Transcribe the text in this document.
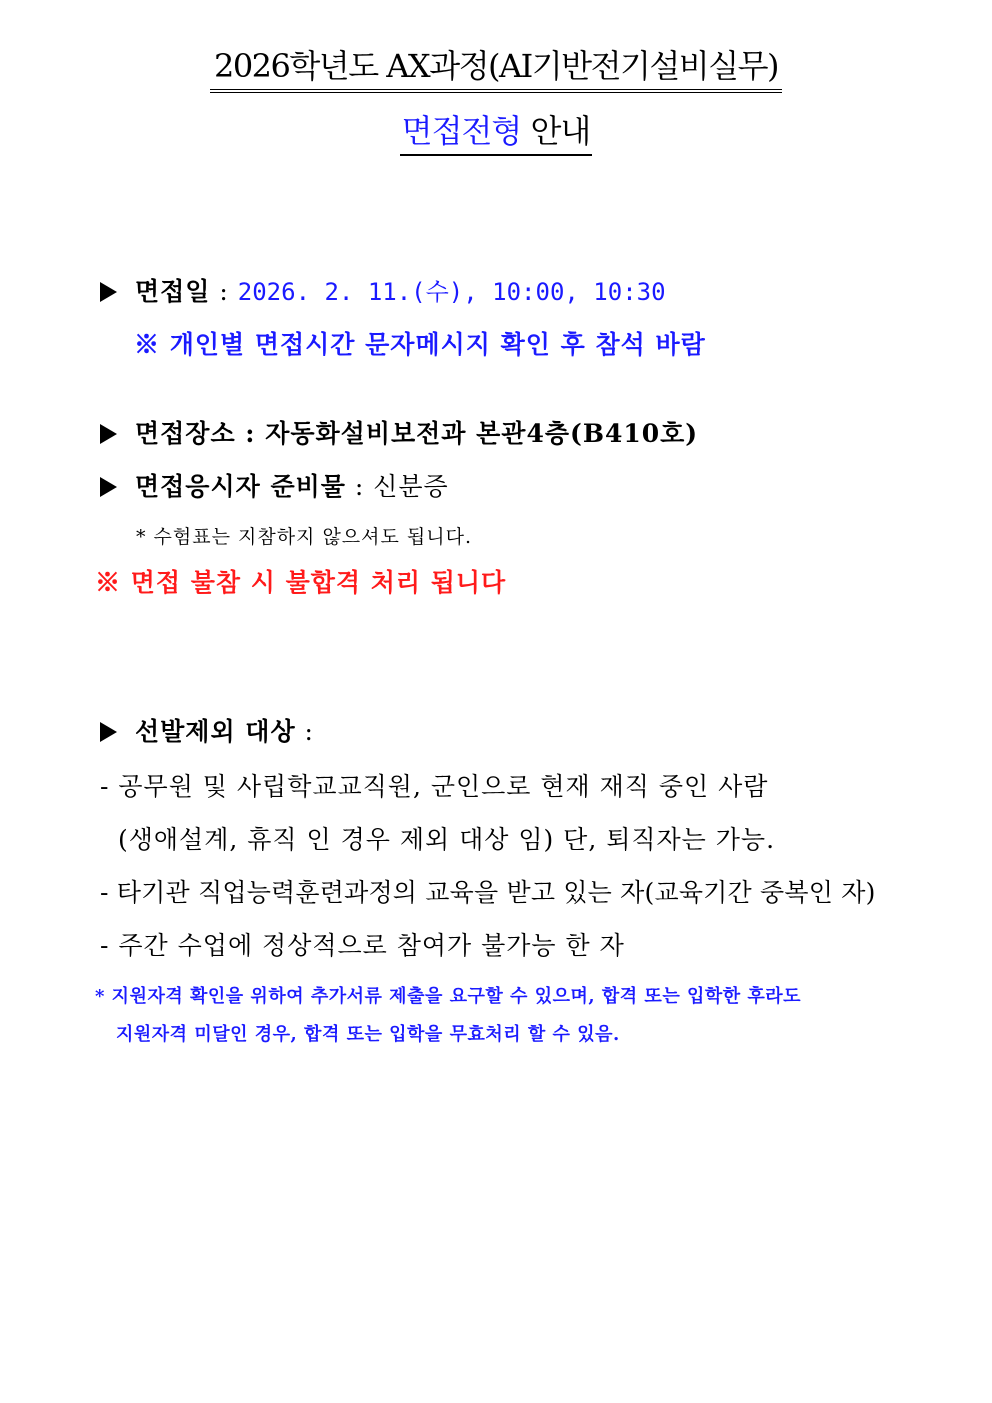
2026학년도 AX과정(AI기반전기설비실무)
면접전형 안내
면접일 : 2026. 2. 11.(수), 10:00, 10:30
※ 개인별 면접시간 문자메시지 확인 후 참석 바람
면접장소 : 자동화설비보전과 본관4층(B410호)
면접응시자 준비물 : 신분증
* 수험표는 지참하지 않으셔도 됩니다.
※ 면접 불참 시 불합격 처리 됩니다
선발제외 대상 :
- 공무원 및 사립학교교직원, 군인으로 현재 재직 중인 사람
(생애설계, 휴직 인 경우 제외 대상 임) 단, 퇴직자는 가능.
- 타기관 직업능력훈련과정의 교육을 받고 있는 자(교육기간 중복인 자)
- 주간 수업에 정상적으로 참여가 불가능 한 자
* 지원자격 확인을 위하여 추가서류 제출을 요구할 수 있으며, 합격 또는 입학한 후라도
지원자격 미달인 경우, 합격 또는 입학을 무효처리 할 수 있음.
